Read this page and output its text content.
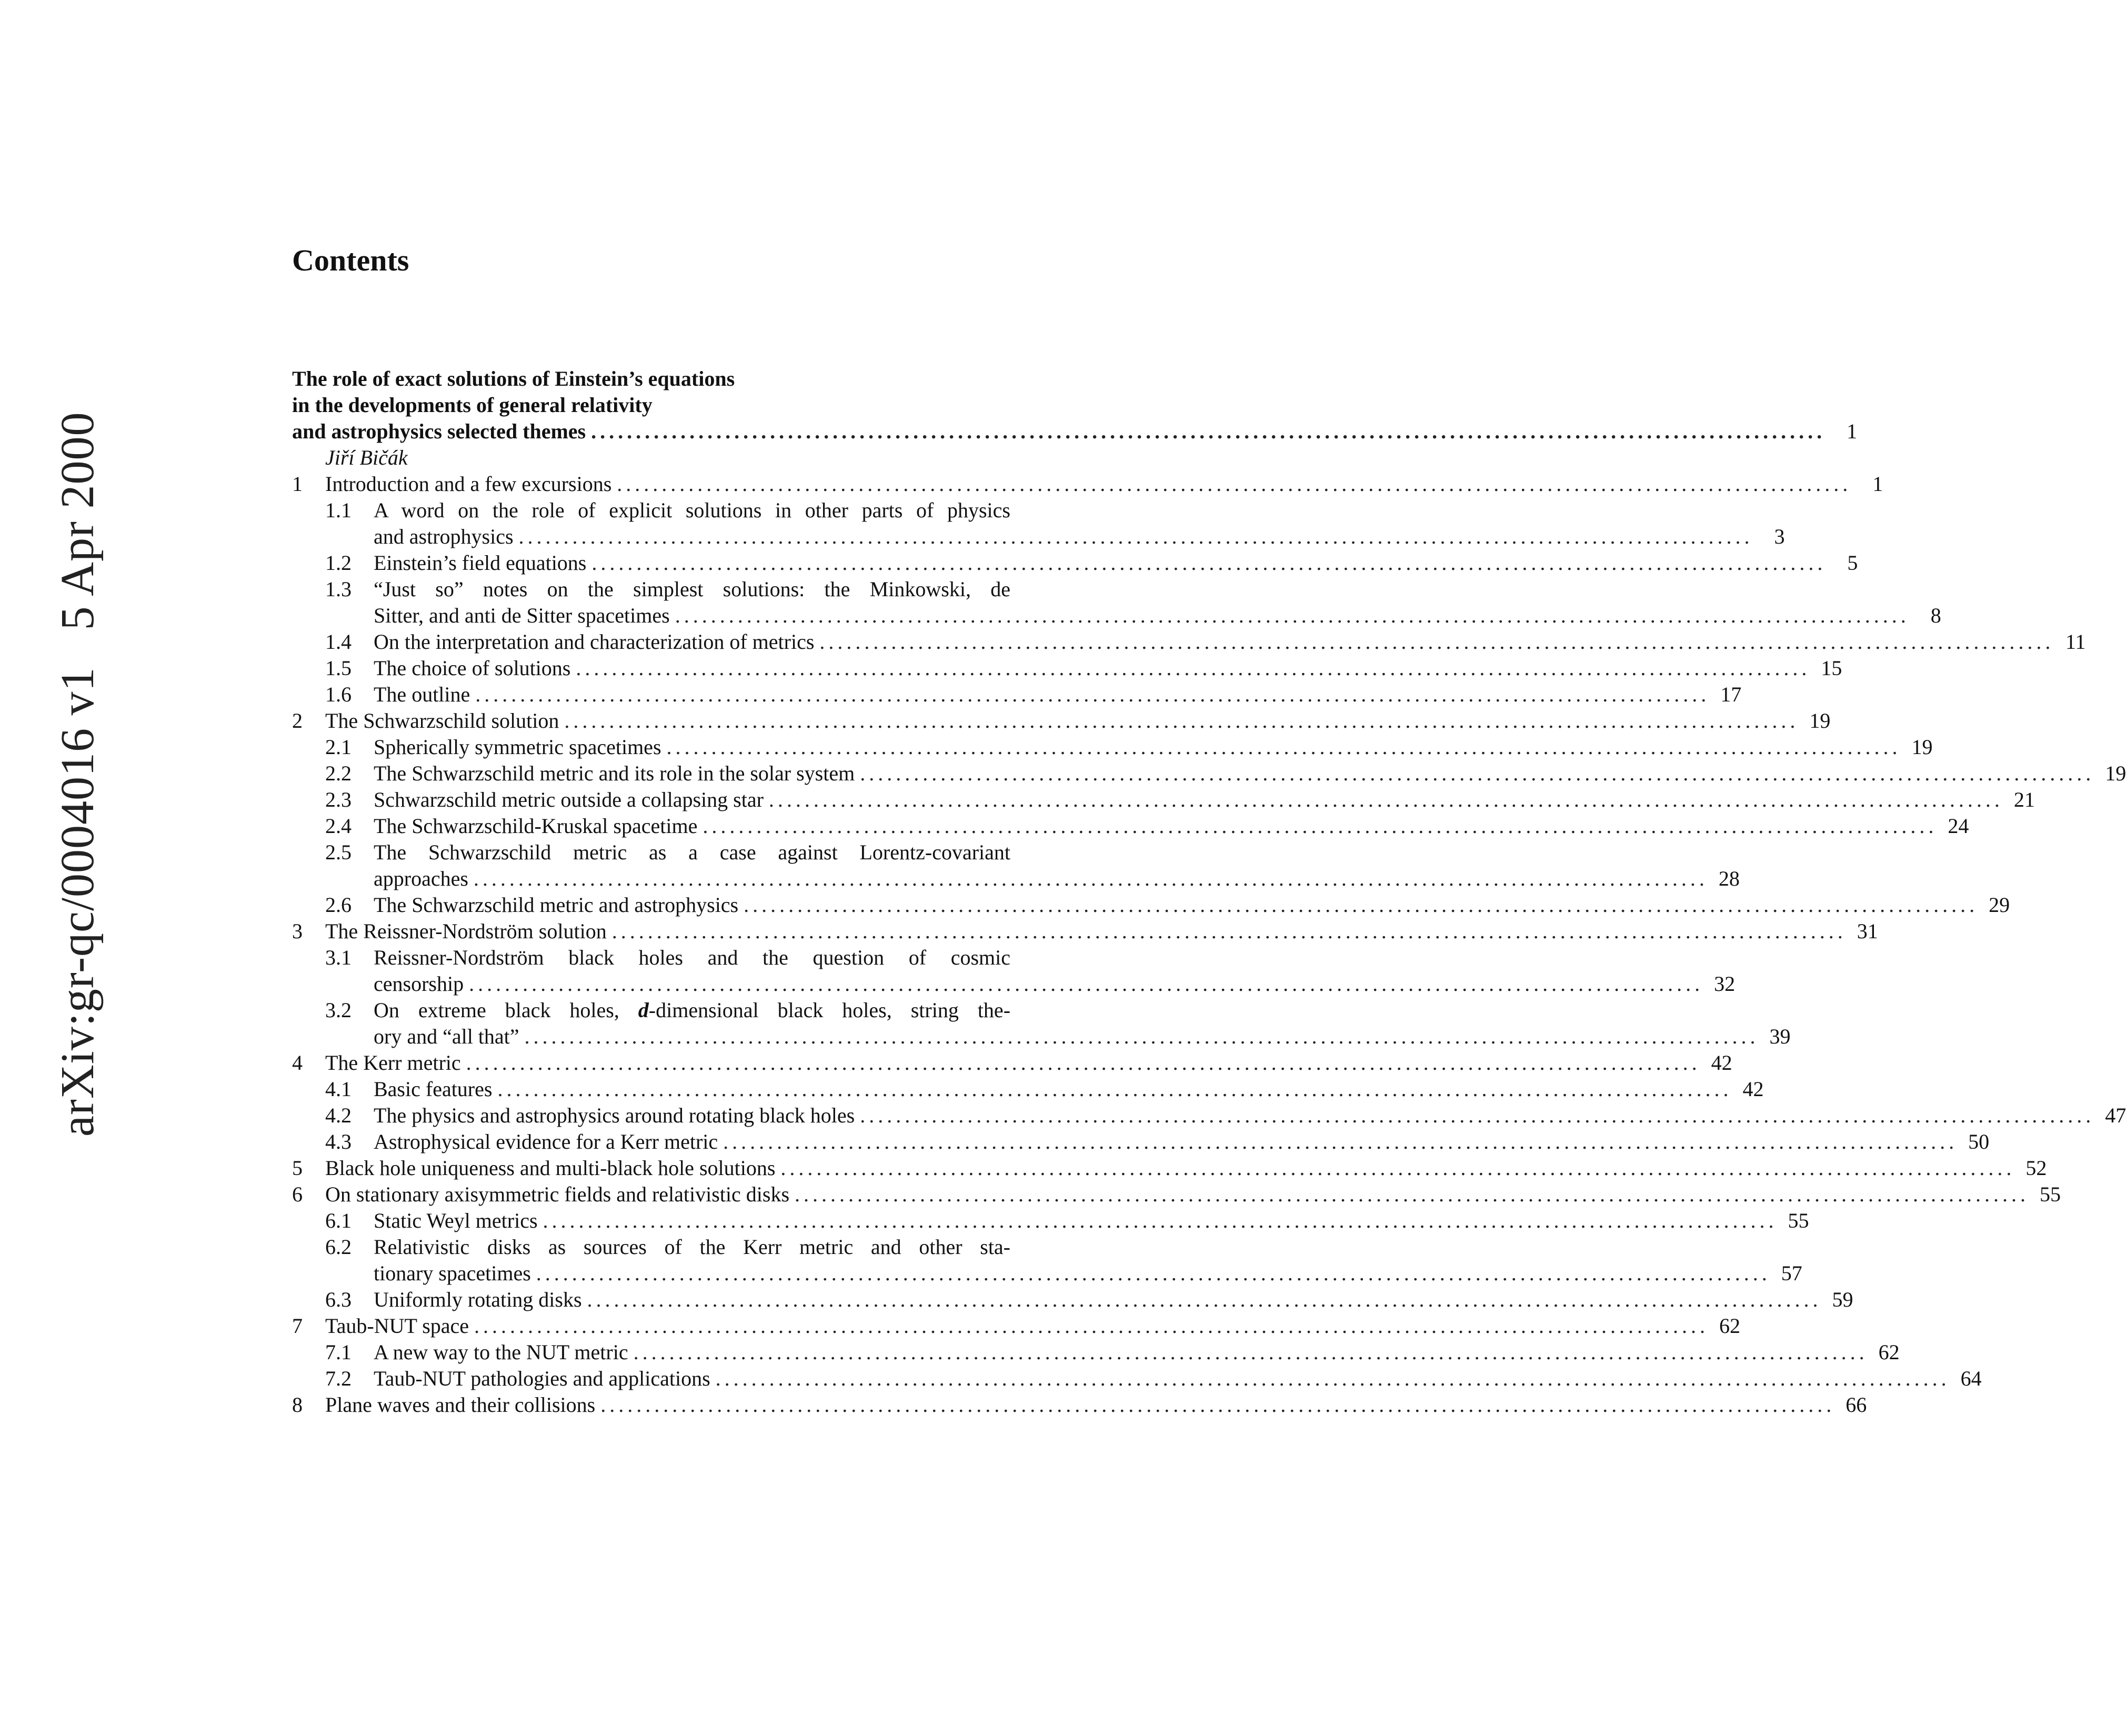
arXiv:gr-qc/0004016 v15 Apr 2000
Contents
The role of exact solutions of Einstein’s equations
in the developments of general relativity
and astrophysics selected themes ..........................................................................................................................................	1
Jiří Bičák
1	Introduction and a few excursions ..........................................................................................................................................	1
1.1	A word on the role of explicit solutions in other parts of physics
and astrophysics ..........................................................................................................................................	3
1.2	Einstein’s field equations ..........................................................................................................................................	5
1.3	“Just so” notes on the simplest solutions: the Minkowski, de
Sitter, and anti de Sitter spacetimes ..........................................................................................................................................	8
1.4	On the interpretation and characterization of metrics .......................................................................................................................................... 11
1.5	The choice of solutions .......................................................................................................................................... 15
1.6	The outline .......................................................................................................................................... 17
2	The Schwarzschild solution .......................................................................................................................................... 19
2.1	Spherically symmetric spacetimes .......................................................................................................................................... 19
2.2	The Schwarzschild metric and its role in the solar system .......................................................................................................................................... 19
2.3	Schwarzschild metric outside a collapsing star .......................................................................................................................................... 21
2.4	The Schwarzschild-Kruskal spacetime .......................................................................................................................................... 24
2.5	The Schwarzschild metric as a case against Lorentz-covariant
approaches .......................................................................................................................................... 28
2.6	The Schwarzschild metric and astrophysics .......................................................................................................................................... 29
3	The Reissner-Nordström solution .......................................................................................................................................... 31
3.1	Reissner-Nordström black holes and the question of cosmic
censorship .......................................................................................................................................... 32
3.2	On extreme black holes, d-dimensional black holes, string the-
ory and “all that” .......................................................................................................................................... 39
4	The Kerr metric .......................................................................................................................................... 42
4.1	Basic features .......................................................................................................................................... 42
4.2	The physics and astrophysics around rotating black holes .......................................................................................................................................... 47
4.3	Astrophysical evidence for a Kerr metric .......................................................................................................................................... 50
5	Black hole uniqueness and multi-black hole solutions .......................................................................................................................................... 52
6	On stationary axisymmetric fields and relativistic disks .......................................................................................................................................... 55
6.1	Static Weyl metrics .......................................................................................................................................... 55
6.2	Relativistic disks as sources of the Kerr metric and other sta-
tionary spacetimes .......................................................................................................................................... 57
6.3	Uniformly rotating disks .......................................................................................................................................... 59
7	Taub-NUT space .......................................................................................................................................... 62
7.1	A new way to the NUT metric .......................................................................................................................................... 62
7.2	Taub-NUT pathologies and applications .......................................................................................................................................... 64
8	Plane waves and their collisions .......................................................................................................................................... 66
